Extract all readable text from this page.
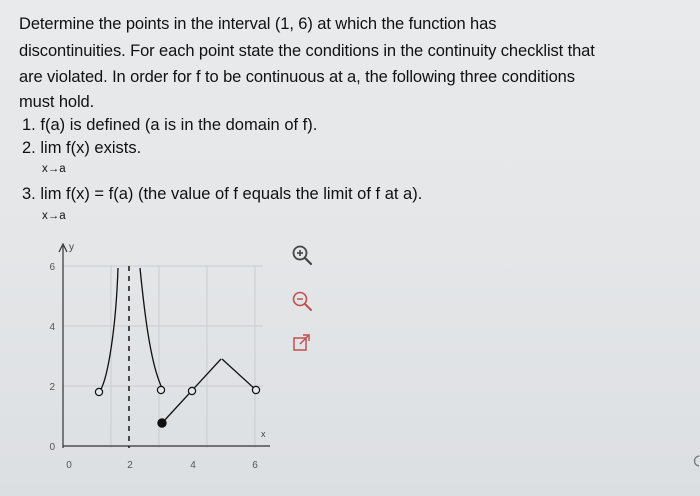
Determine the points in the interval (1, 6) at which the function has
discontinuities. For each point state the conditions in the continuity checklist that
are violated. In order for f to be continuous at a, the following three conditions
must hold.
1. f(a) is defined (a is in the domain of f).
2. lim f(x) exists.
x→a
3. lim f(x) = f(a) (the value of f equals the limit of f at a).
x→a
y
x
6
4
2
0
0	2	4	6
